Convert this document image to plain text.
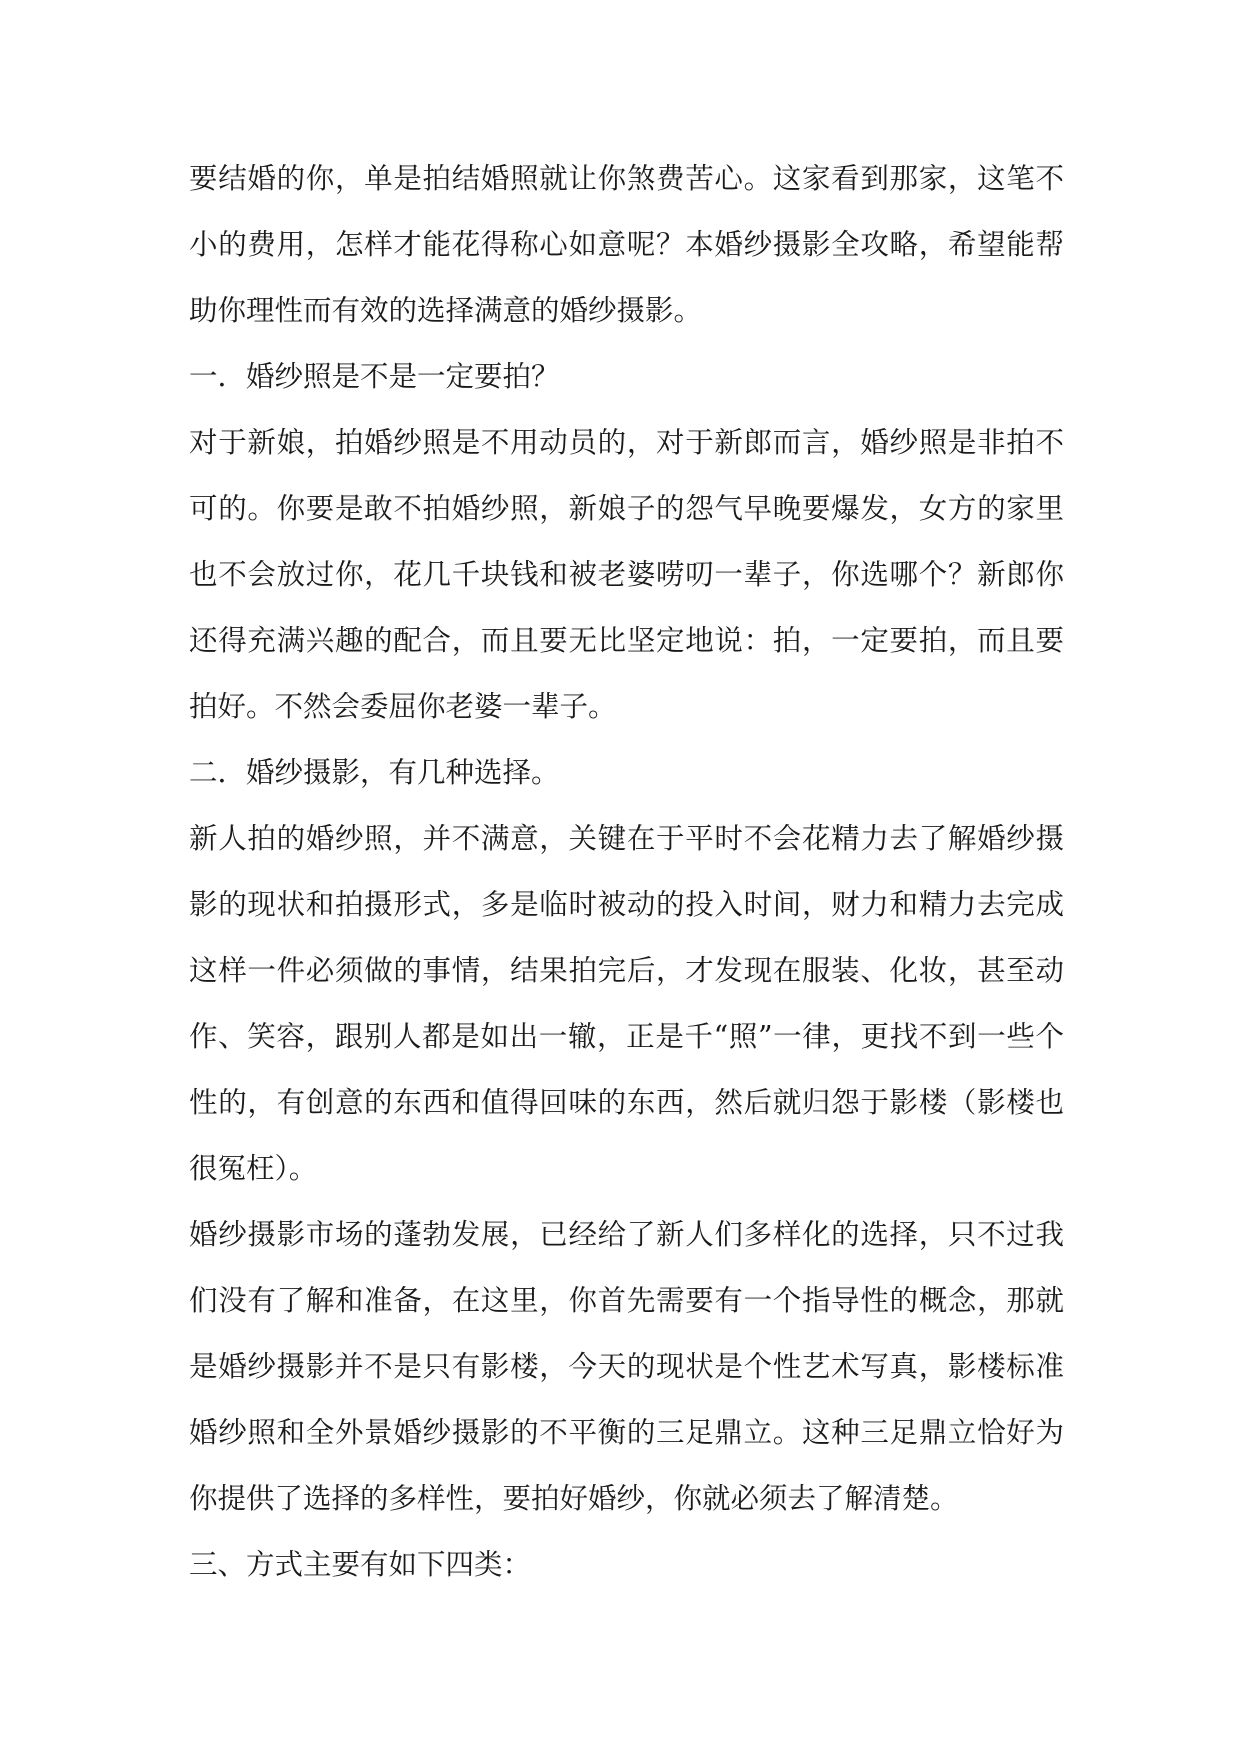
要结婚的你，单是拍结婚照就让你煞费苦心。这家看到那家，这笔不小的费用，怎样才能花得称心如意呢？本婚纱摄影全攻略，希望能帮助你理性而有效的选择满意的婚纱摄影。

一．婚纱照是不是一定要拍？

对于新娘，拍婚纱照是不用动员的，对于新郎而言，婚纱照是非拍不可的。你要是敢不拍婚纱照，新娘子的怨气早晚要爆发，女方的家里也不会放过你，花几千块钱和被老婆唠叨一辈子，你选哪个？新郎你还得充满兴趣的配合，而且要无比坚定地说：拍，一定要拍，而且要拍好。不然会委屈你老婆一辈子。

二．婚纱摄影，有几种选择。

新人拍的婚纱照，并不满意，关键在于平时不会花精力去了解婚纱摄影的现状和拍摄形式，多是临时被动的投入时间，财力和精力去完成这样一件必须做的事情，结果拍完后，才发现在服装、化妆，甚至动作、笑容，跟别人都是如出一辙，正是千“照”一律，更找不到一些个性的，有创意的东西和值得回味的东西，然后就归怨于影楼（影楼也很冤枉）。

婚纱摄影市场的蓬勃发展，已经给了新人们多样化的选择，只不过我们没有了解和准备，在这里，你首先需要有一个指导性的概念，那就是婚纱摄影并不是只有影楼，今天的现状是个性艺术写真，影楼标准婚纱照和全外景婚纱摄影的不平衡的三足鼎立。这种三足鼎立恰好为你提供了选择的多样性，要拍好婚纱，你就必须去了解清楚。

三、方式主要有如下四类：
